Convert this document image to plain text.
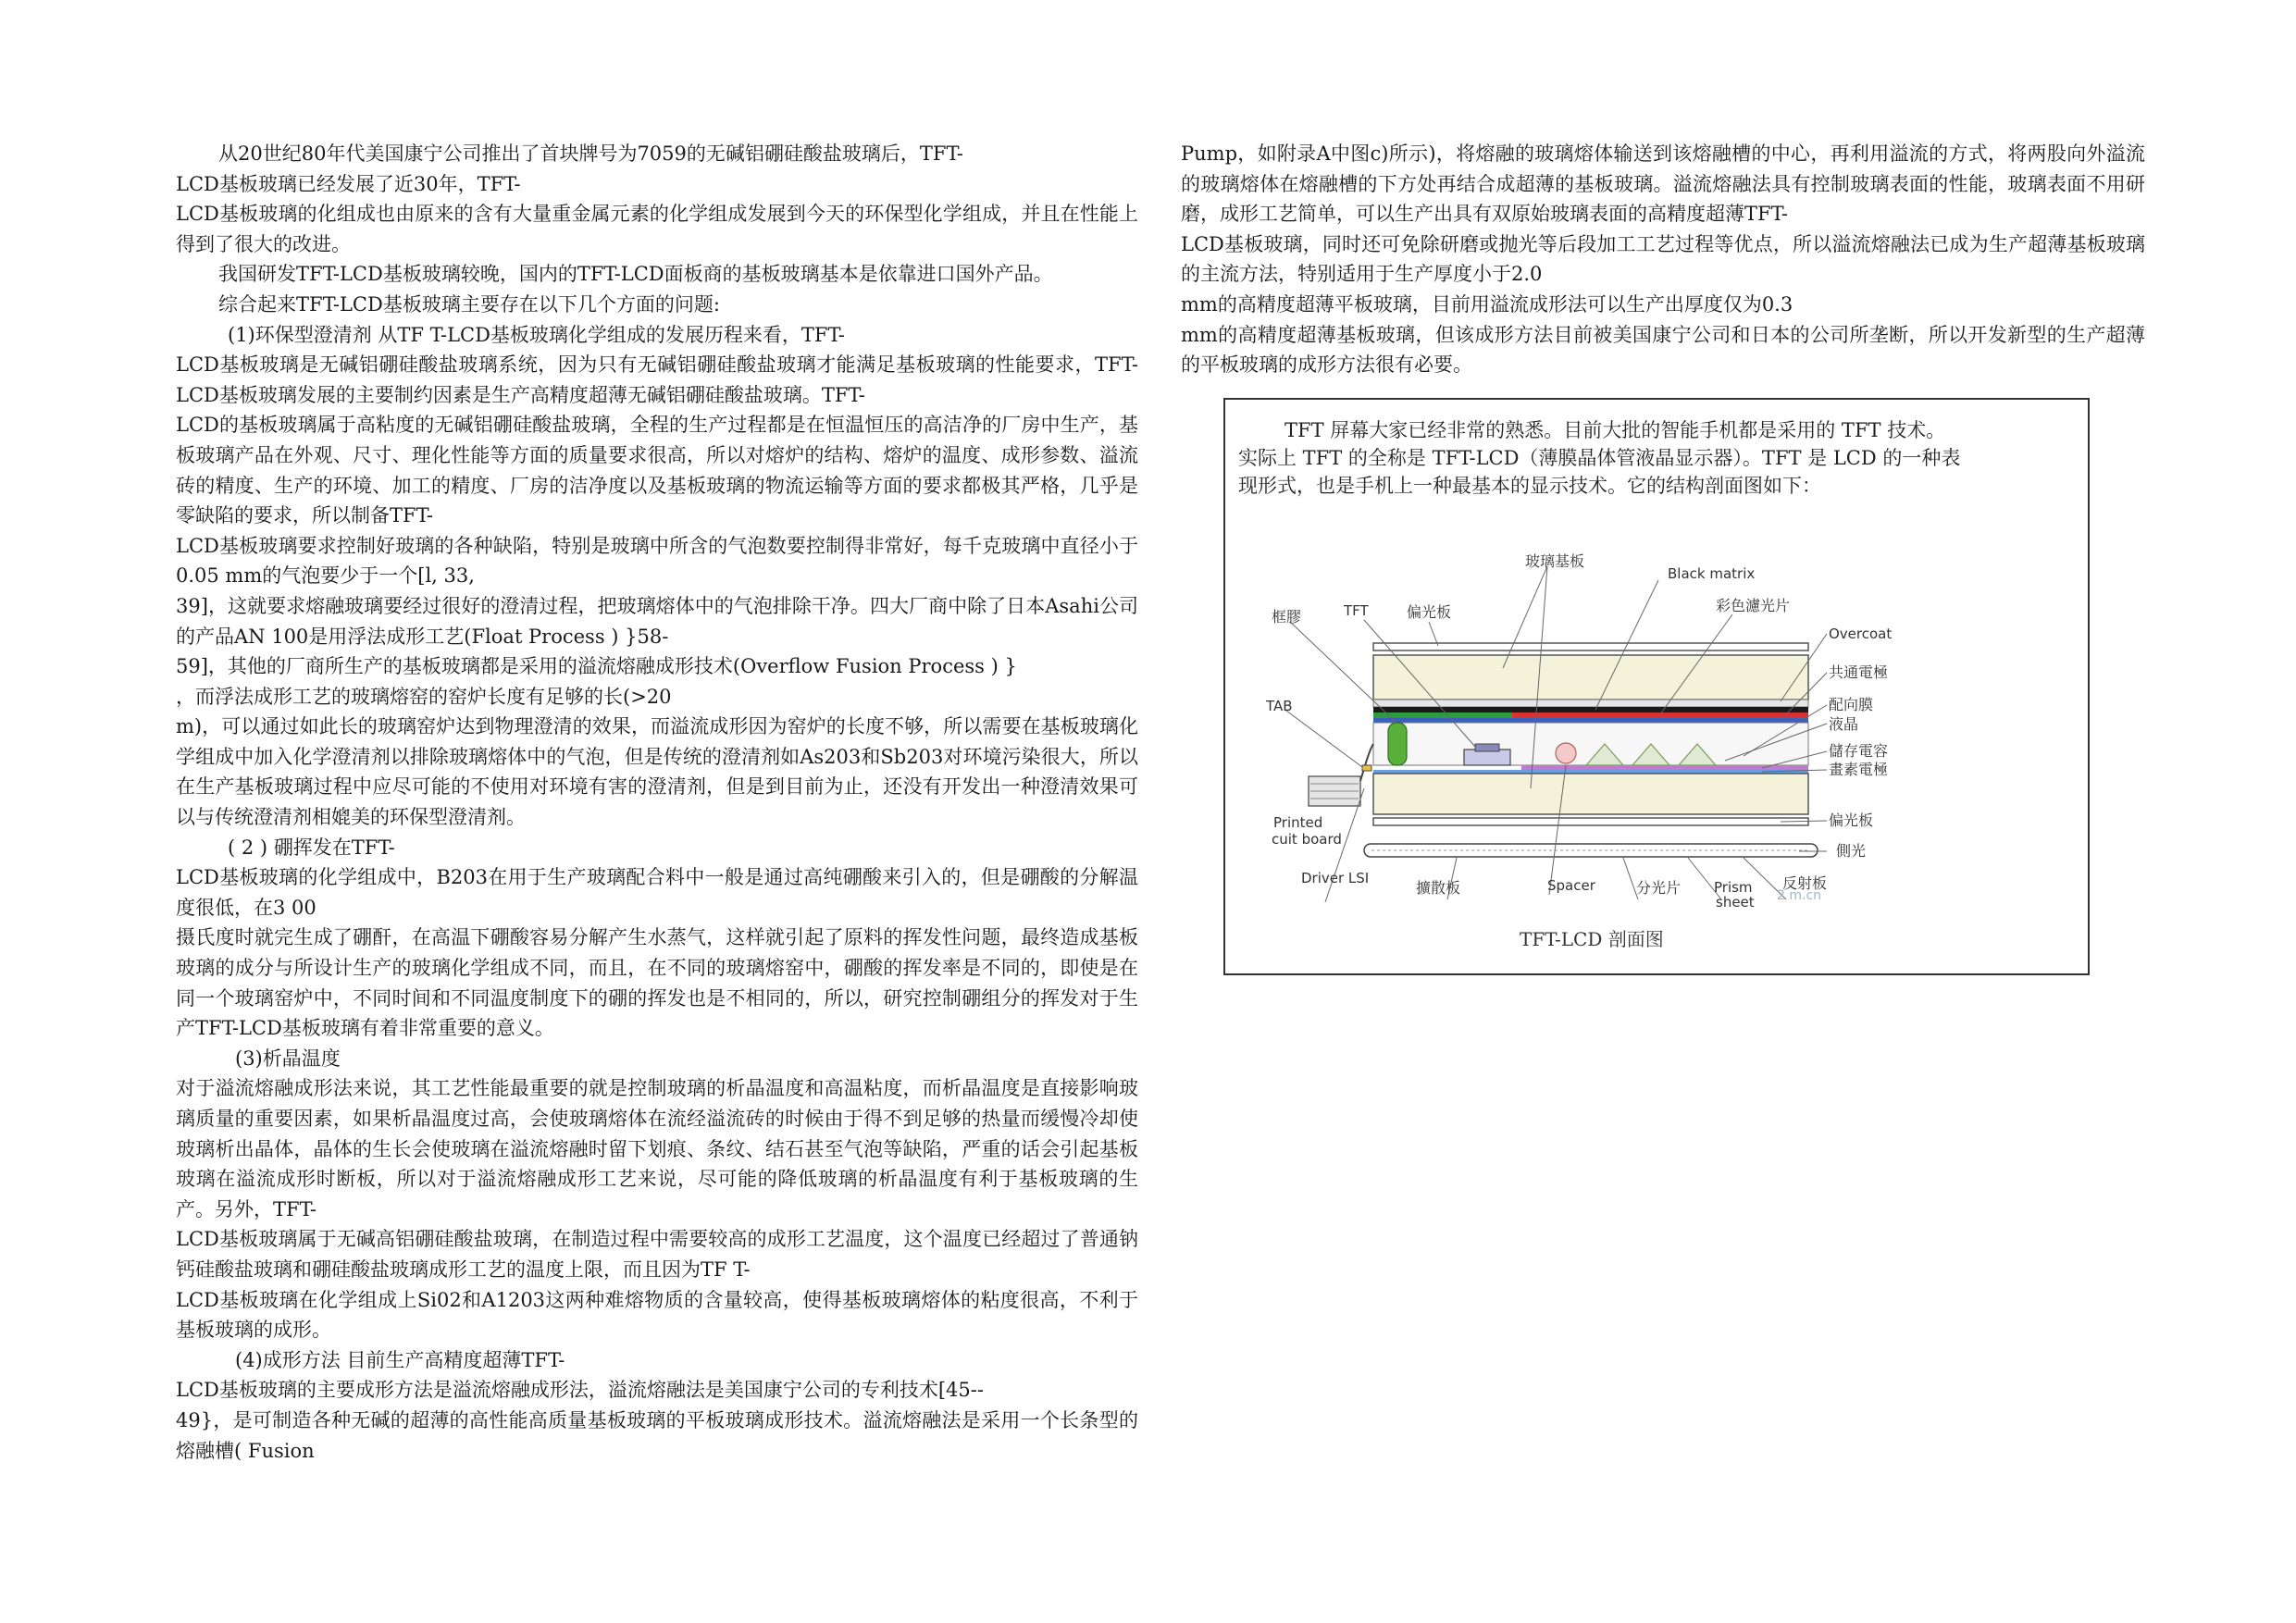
从20世纪80年代美国康宁公司推出了首块牌号为7059的无碱铝硼硅酸盐玻璃后，TFT-

LCD基板玻璃已经发展了近30年，TFT-

LCD基板玻璃的化组成也由原来的含有大量重金属元素的化学组成发展到今天的环保型化学组成，并且在性能上得到了很大的改进。

我国研发TFT-LCD基板玻璃较晚，国内的TFT-LCD面板商的基板玻璃基本是依靠进口国外产品。

综合起来TFT-LCD基板玻璃主要存在以下几个方面的问题:

(1)环保型澄清剂 从TF T-LCD基板玻璃化学组成的发展历程来看，TFT-

LCD基板玻璃是无碱铝硼硅酸盐玻璃系统，因为只有无碱铝硼硅酸盐玻璃才能满足基板玻璃的性能要求，TFT-LCD基板玻璃发展的主要制约因素是生产高精度超薄无碱铝硼硅酸盐玻璃。TFT-

LCD的基板玻璃属于高粘度的无碱铝硼硅酸盐玻璃，全程的生产过程都是在恒温恒压的高洁净的厂房中生产，基板玻璃产品在外观、尺寸、理化性能等方面的质量要求很高，所以对熔炉的结构、熔炉的温度、成形参数、溢流砖的精度、生产的环境、加工的精度、厂房的洁净度以及基板玻璃的物流运输等方面的要求都极其严格，几乎是零缺陷的要求，所以制备TFT-

LCD基板玻璃要求控制好玻璃的各种缺陷，特别是玻璃中所含的气泡数要控制得非常好，每千克玻璃中直径小于0.05 mm的气泡要少于一个[l, 33,

39]，这就要求熔融玻璃要经过很好的澄清过程，把玻璃熔体中的气泡排除干净。四大厂商中除了日本Asahi公司的产品AN 100是用浮法成形工艺(Float Process ) }58-

59]，其他的厂商所生产的基板玻璃都是采用的溢流熔融成形技术(Overflow Fusion Process ) }

，而浮法成形工艺的玻璃熔窑的窑炉长度有足够的长(>20

m)，可以通过如此长的玻璃窑炉达到物理澄清的效果，而溢流成形因为窑炉的长度不够，所以需要在基板玻璃化学组成中加入化学澄清剂以排除玻璃熔体中的气泡，但是传统的澄清剂如As203和Sb203对环境污染很大，所以在生产基板玻璃过程中应尽可能的不使用对环境有害的澄清剂，但是到目前为止，还没有开发出一种澄清效果可以与传统澄清剂相媲美的环保型澄清剂。

( 2 ) 硼挥发在TFT-

LCD基板玻璃的化学组成中，B203在用于生产玻璃配合料中一般是通过高纯硼酸来引入的，但是硼酸的分解温度很低，在3 00

摄氏度时就完生成了硼酐，在高温下硼酸容易分解产生水蒸气，这样就引起了原料的挥发性问题，最终造成基板玻璃的成分与所设计生产的玻璃化学组成不同，而且，在不同的玻璃熔窑中，硼酸的挥发率是不同的，即使是在同一个玻璃窑炉中，不同时间和不同温度制度下的硼的挥发也是不相同的，所以，研究控制硼组分的挥发对于生产TFT-LCD基板玻璃有着非常重要的意义。

(3)析晶温度

对于溢流熔融成形法来说，其工艺性能最重要的就是控制玻璃的析晶温度和高温粘度，而析晶温度是直接影响玻璃质量的重要因素，如果析晶温度过高，会使玻璃熔体在流经溢流砖的时候由于得不到足够的热量而缓慢冷却使玻璃析出晶体，晶体的生长会使玻璃在溢流熔融时留下划痕、条纹、结石甚至气泡等缺陷，严重的话会引起基板玻璃在溢流成形时断板，所以对于溢流熔融成形工艺来说，尽可能的降低玻璃的析晶温度有利于基板玻璃的生产。另外，TFT-

LCD基板玻璃属于无碱高铝硼硅酸盐玻璃，在制造过程中需要较高的成形工艺温度，这个温度已经超过了普通钠钙硅酸盐玻璃和硼硅酸盐玻璃成形工艺的温度上限，而且因为TF T-

LCD基板玻璃在化学组成上Si02和A1203这两种难熔物质的含量较高，使得基板玻璃熔体的粘度很高，不利于基板玻璃的成形。

(4)成形方法 目前生产高精度超薄TFT-

LCD基板玻璃的主要成形方法是溢流熔融成形法，溢流熔融法是美国康宁公司的专利技术[45--

49}，是可制造各种无碱的超薄的高性能高质量基板玻璃的平板玻璃成形技术。溢流熔融法是采用一个长条型的熔融槽( Fusion

Pump，如附录A中图c)所示)，将熔融的玻璃熔体输送到该熔融槽的中心，再利用溢流的方式，将两股向外溢流的玻璃熔体在熔融槽的下方处再结合成超薄的基板玻璃。溢流熔融法具有控制玻璃表面的性能，玻璃表面不用研磨，成形工艺简单，可以生产出具有双原始玻璃表面的高精度超薄TFT-

LCD基板玻璃，同时还可免除研磨或抛光等后段加工工艺过程等优点，所以溢流熔融法已成为生产超薄基板玻璃的主流方法，特别适用于生产厚度小于2.0

mm的高精度超薄平板玻璃，目前用溢流成形法可以生产出厚度仅为0.3

mm的高精度超薄基板玻璃，但该成形方法目前被美国康宁公司和日本的公司所垄断，所以开发新型的生产超薄的平板玻璃的成形方法很有必要。

TFT 屏幕大家已经非常的熟悉。目前大批的智能手机都是采用的 TFT 技术。

实际上 TFT 的全称是 TFT-LCD（薄膜晶体管液晶显示器）。TFT 是 LCD 的一种表

现形式，也是手机上一种最基本的显示技术。它的结构剖面图如下：

框膠	TFT	偏光板
玻璃基板
Black matrix
彩色濾光片
Overcoat
共通電極
配向膜
液晶
儲存電容
畫素電極
TAB
Printed
cuit board
偏光板
側光
Driver LSI
擴散板	Spacer	分光片 Prism
sheet
反射板
2 m.cn
TFT-LCD 剖面图
